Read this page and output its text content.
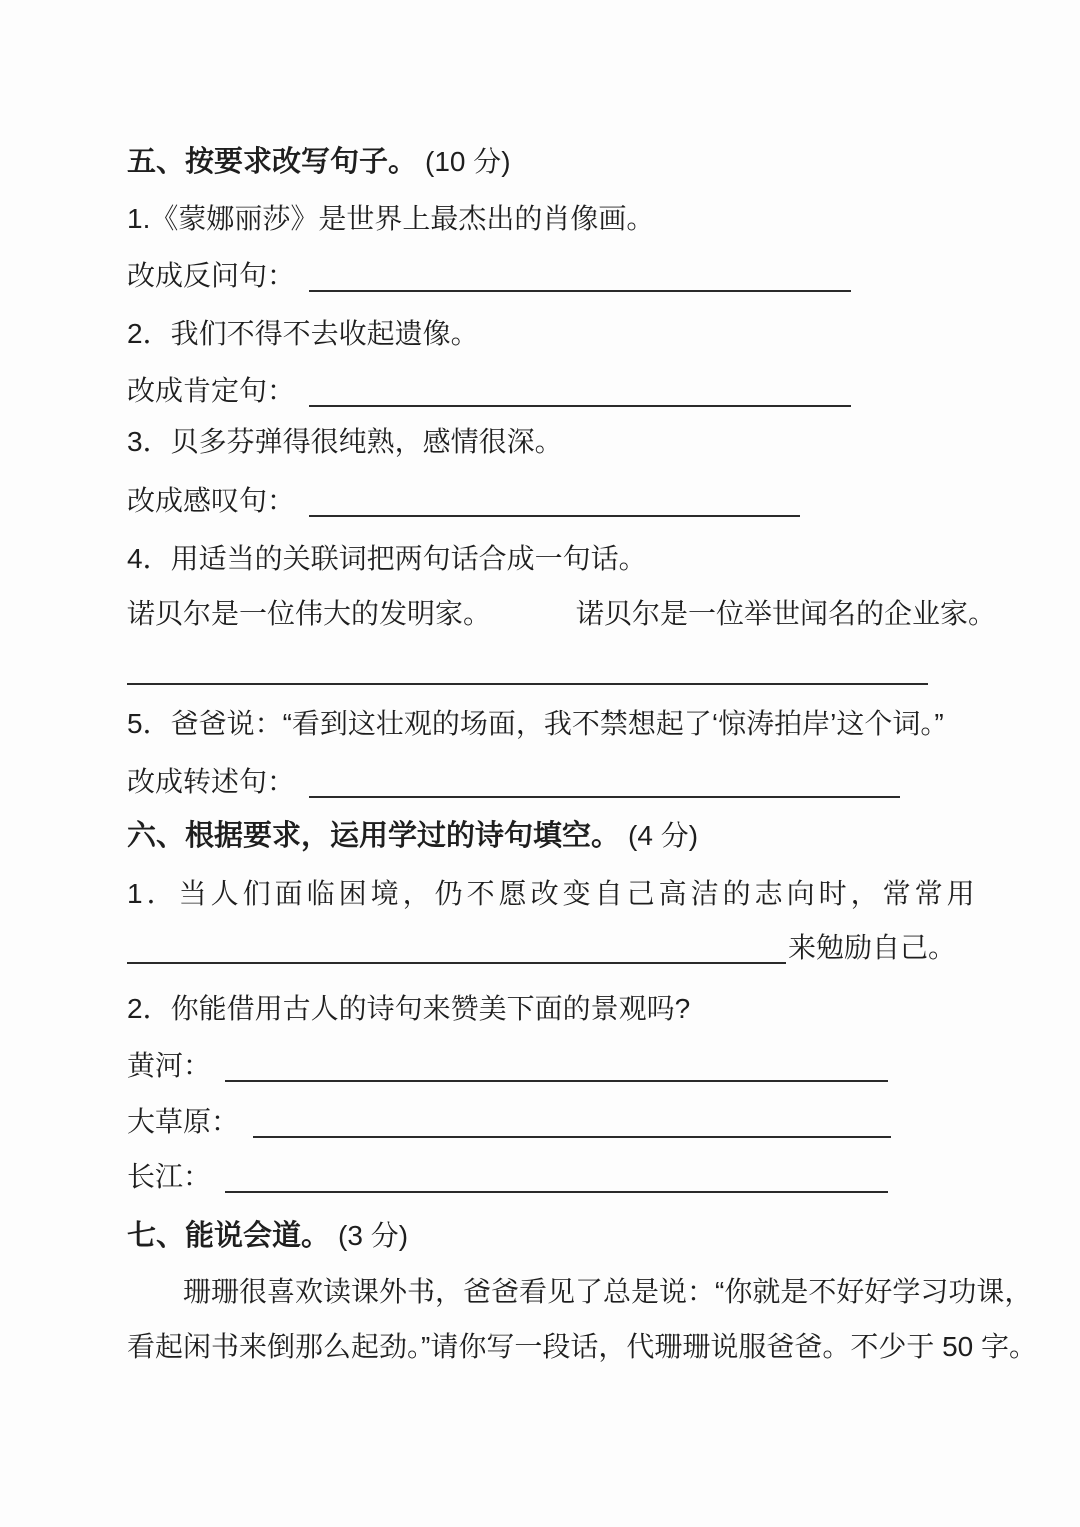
五、按要求改写句子。 (10 分)
1.《蒙娜丽莎》是世界上最杰出的肖像画。
改成反问句：
2．我们不得不去收起遗像。
改成肯定句：
3．贝多芬弹得很纯熟，感情很深。
改成感叹句：
4．用适当的关联词把两句话合成一句话。
诺贝尔是一位伟大的发明家。	诺贝尔是一位举世闻名的企业家。
5．爸爸说：“看到这壮观的场面，我不禁想起了‘惊涛拍岸’这个词。”
改成转述句：
六、根据要求，运用学过的诗句填空。 (4 分)
1．当人们面临困境，仍不愿改变自己高洁的志向时，常常用
来勉励自己。
2．你能借用古人的诗句来赞美下面的景观吗?
黄河：
大草原：
长江：
七、能说会道。 (3 分)
珊珊很喜欢读课外书，爸爸看见了总是说：“你就是不好好学习功课，
看起闲书来倒那么起劲。”请你写一段话，代珊珊说服爸爸。不少于 50 字。
